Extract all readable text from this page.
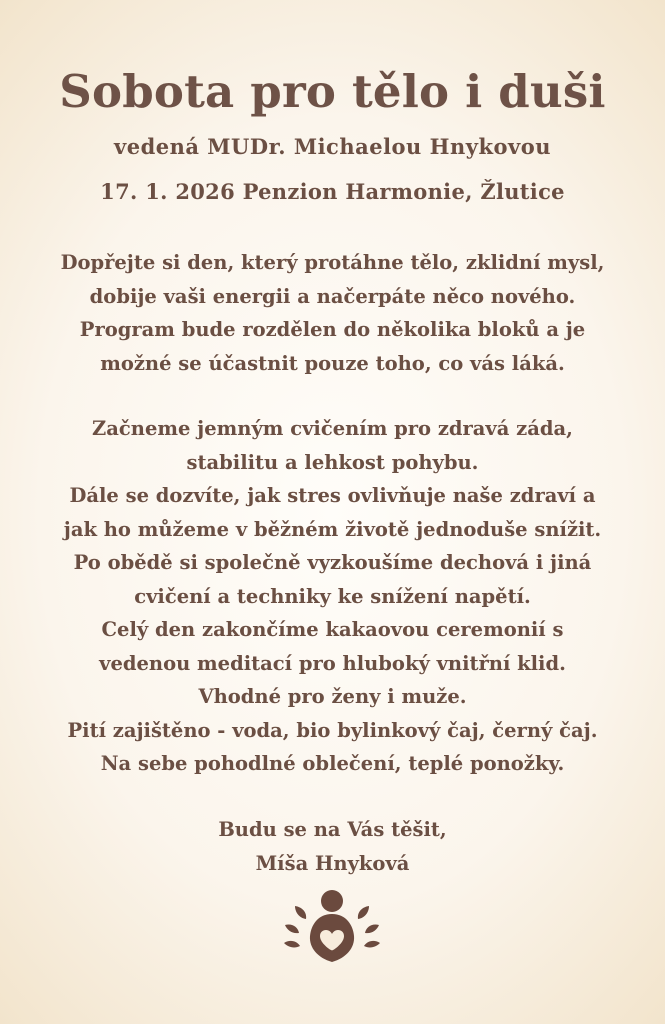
Sobota pro tělo i duši
vedená MUDr. Michaelou Hnykovou
17. 1. 2026 Penzion Harmonie, Žlutice
Dopřejte si den, který protáhne tělo, zklidní mysl,
dobije vaši energii a načerpáte něco nového.
Program bude rozdělen do několika bloků a je
možné se účastnit pouze toho, co vás láká.
Začneme jemným cvičením pro zdravá záda,
stabilitu a lehkost pohybu.
Dále se dozvíte, jak stres ovlivňuje naše zdraví a
jak ho můžeme v běžném životě jednoduše snížit.
Po obědě si společně vyzkoušíme dechová i jiná
cvičení a techniky ke snížení napětí.
Celý den zakončíme kakaovou ceremonií s
vedenou meditací pro hluboký vnitřní klid.
Vhodné pro ženy i muže.
Pití zajištěno - voda, bio bylinkový čaj, černý čaj.
Na sebe pohodlné oblečení, teplé ponožky.
Budu se na Vás těšit,
Míša Hnyková
